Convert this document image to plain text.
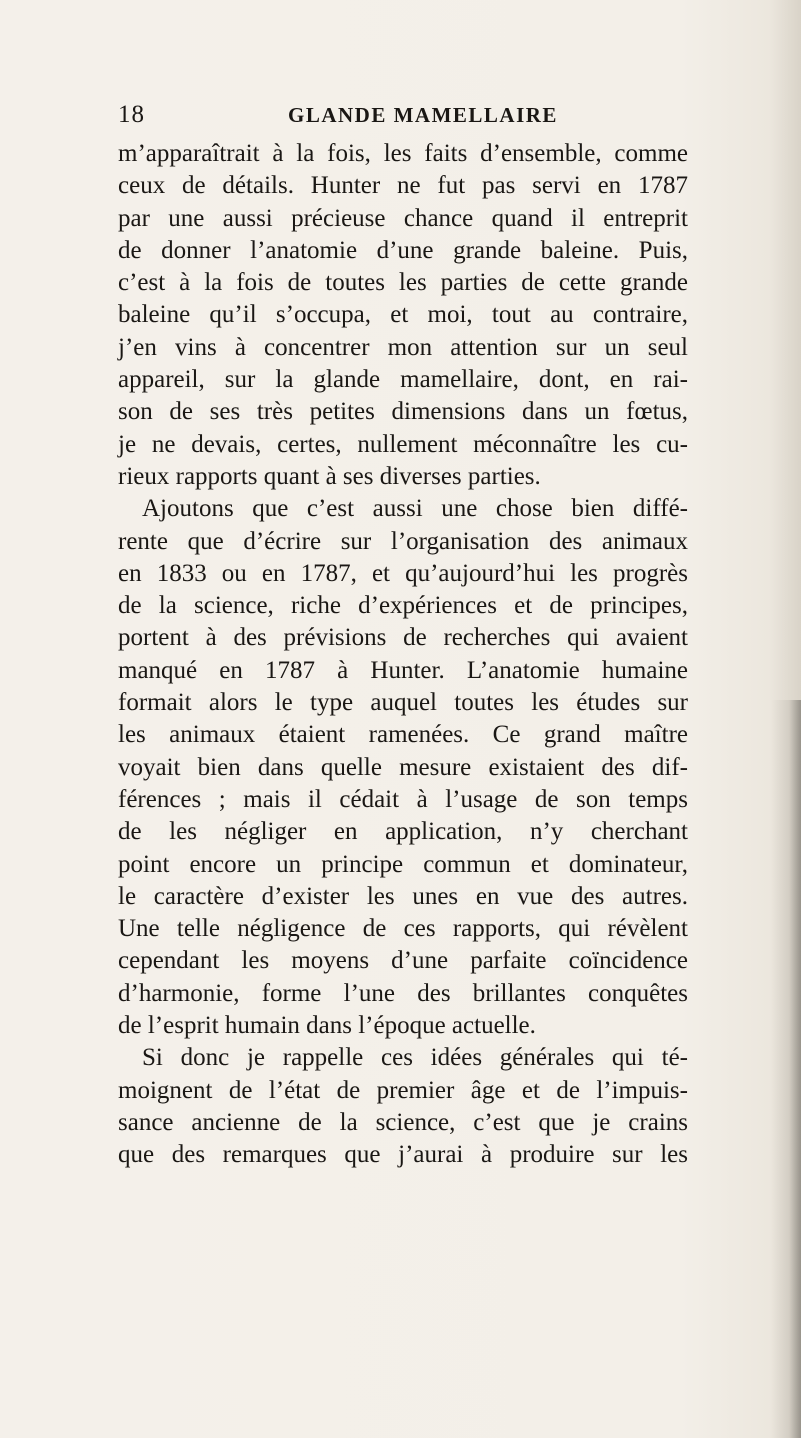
18	GLANDE MAMELLAIRE

m’apparaîtrait à la fois, les faits d’ensemble, comme
ceux de détails. Hunter ne fut pas servi en 1787
par une aussi précieuse chance quand il entreprit
de donner l’anatomie d’une grande baleine. Puis,
c’est à la fois de toutes les parties de cette grande
baleine qu’il s’occupa, et moi, tout au contraire,
j’en vins à concentrer mon attention sur un seul
appareil, sur la glande mamellaire, dont, en rai-
son de ses très petites dimensions dans un fœtus,
je ne devais, certes, nullement méconnaître les cu-
rieux rapports quant à ses diverses parties.

Ajoutons que c’est aussi une chose bien diffé-
rente que d’écrire sur l’organisation des animaux
en 1833 ou en 1787, et qu’aujourd’hui les progrès
de la science, riche d’expériences et de principes,
portent à des prévisions de recherches qui avaient
manqué en 1787 à Hunter. L’anatomie humaine
formait alors le type auquel toutes les études sur
les animaux étaient ramenées. Ce grand maître
voyait bien dans quelle mesure existaient des dif-
férences ; mais il cédait à l’usage de son temps
de les négliger en application, n’y cherchant
point encore un principe commun et dominateur,
le caractère d’exister les unes en vue des autres.
Une telle négligence de ces rapports, qui révèlent
cependant les moyens d’une parfaite coïncidence
d’harmonie, forme l’une des brillantes conquêtes
de l’esprit humain dans l’époque actuelle.

Si donc je rappelle ces idées générales qui té-
moignent de l’état de premier âge et de l’impuis-
sance ancienne de la science, c’est que je crains
que des remarques que j’aurai à produire sur les
